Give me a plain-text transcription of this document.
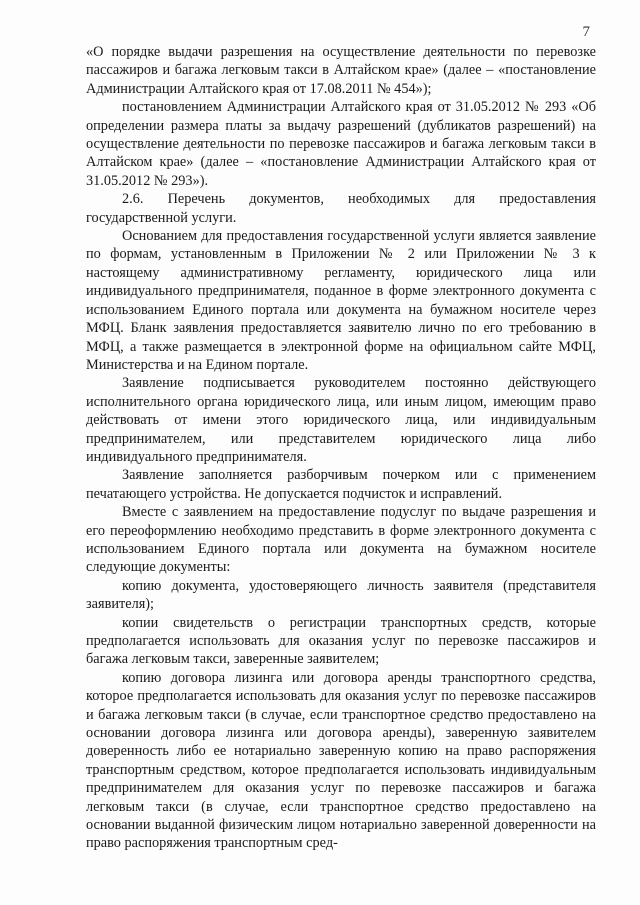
7

«О порядке выдачи разрешения на осуществление деятельности по перевозке пассажиров и багажа легковым такси в Алтайском крае» (далее – «постановление Администрации Алтайского края от 17.08.2011 № 454»);

постановлением Администрации Алтайского края от 31.05.2012 № 293 «Об определении размера платы за выдачу разрешений (дубликатов разрешений) на осуществление деятельности по перевозке пассажиров и багажа легковым такси в Алтайском крае» (далее – «постановление Администрации Алтайского края от 31.05.2012 № 293»).

2.6. Перечень документов, необходимых для предоставления государственной услуги.

Основанием для предоставления государственной услуги является заявление по формам, установленным в Приложении № 2 или Приложении № 3 к настоящему административному регламенту, юридического лица или индивидуального предпринимателя, поданное в форме электронного документа с использованием Единого портала или документа на бумажном носителе через МФЦ. Бланк заявления предоставляется заявителю лично по его требованию в МФЦ, а также размещается в электронной форме на официальном сайте МФЦ, Министерства и на Едином портале.

Заявление подписывается руководителем постоянно действующего исполнительного органа юридического лица, или иным лицом, имеющим право действовать от имени этого юридического лица, или индивидуальным предпринимателем, или представителем юридического лица либо индивидуального предпринимателя.

Заявление заполняется разборчивым почерком или с применением печатающего устройства. Не допускается подчисток и исправлений.

Вместе с заявлением на предоставление подуслуг по выдаче разрешения и его переоформлению необходимо представить в форме электронного документа с использованием Единого портала или документа на бумажном носителе следующие документы:

копию документа, удостоверяющего личность заявителя (представителя заявителя);

копии свидетельств о регистрации транспортных средств, которые предполагается использовать для оказания услуг по перевозке пассажиров и багажа легковым такси, заверенные заявителем;

копию договора лизинга или договора аренды транспортного средства, которое предполагается использовать для оказания услуг по перевозке пассажиров и багажа легковым такси (в случае, если транспортное средство предоставлено на основании договора лизинга или договора аренды), заверенную заявителем доверенность либо ее нотариально заверенную копию на право распоряжения транспортным средством, которое предполагается использовать индивидуальным предпринимателем для оказания услуг по перевозке пассажиров и багажа легковым такси (в случае, если транспортное средство предоставлено на основании выданной физическим лицом нотариально заверенной доверенности на право распоряжения транспортным сред-
